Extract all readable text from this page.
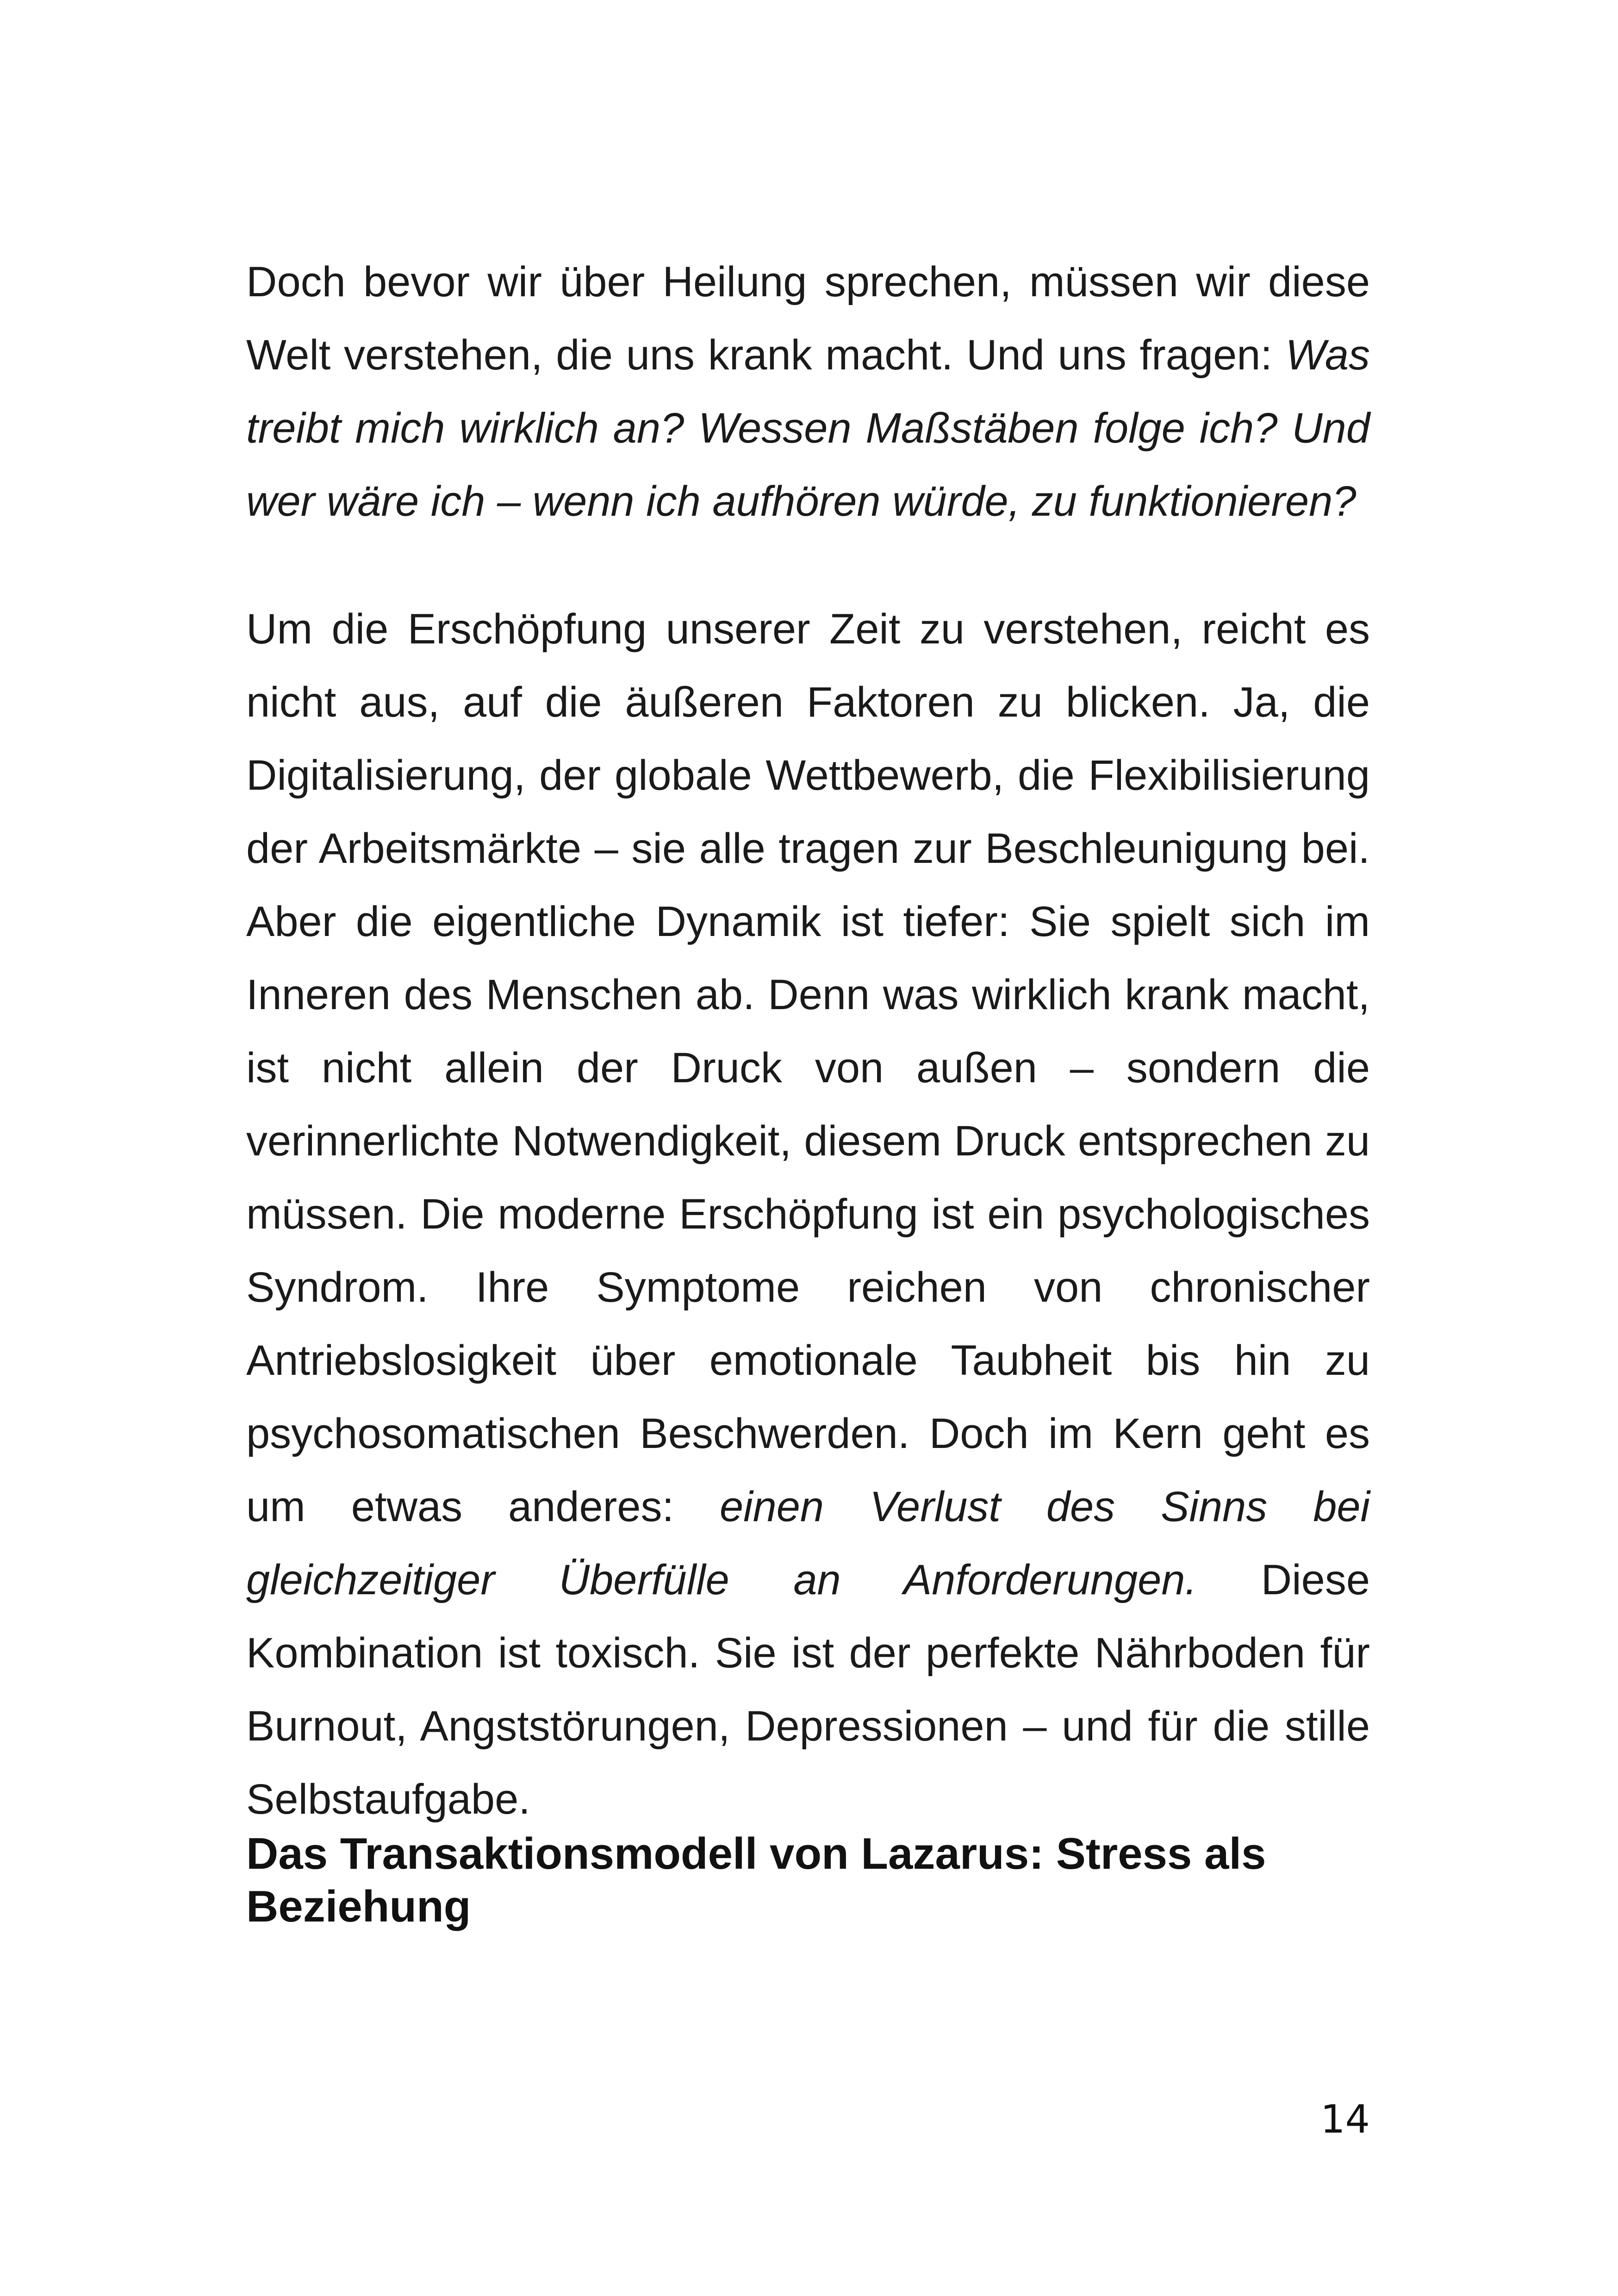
Doch bevor wir über Heilung sprechen, müssen wir diese Welt verstehen, die uns krank macht. Und uns fragen: Was treibt mich wirklich an? Wessen Maßstäben folge ich? Und wer wäre ich – wenn ich aufhören würde, zu funktionieren?

Um die Erschöpfung unserer Zeit zu verstehen, reicht es nicht aus, auf die äußeren Faktoren zu blicken. Ja, die Digitalisierung, der globale Wettbewerb, die Flexibilisierung der Arbeitsmärkte – sie alle tragen zur Beschleunigung bei. Aber die eigentliche Dynamik ist tiefer: Sie spielt sich im Inneren des Menschen ab. Denn was wirklich krank macht, ist nicht allein der Druck von außen – sondern die verinnerlichte Notwendigkeit, diesem Druck entsprechen zu müssen. Die moderne Erschöpfung ist ein psychologisches Syndrom. Ihre Symptome reichen von chronischer Antriebslosigkeit über emotionale Taubheit bis hin zu psychosomatischen Beschwerden. Doch im Kern geht es um etwas anderes: einen Verlust des Sinns bei gleichzeitiger Überfülle an Anforderungen. Diese Kombination ist toxisch. Sie ist der perfekte Nährboden für Burnout, Angststörungen, Depressionen – und für die stille Selbstaufgabe.

Das Transaktionsmodell von Lazarus: Stress als Beziehung
14
